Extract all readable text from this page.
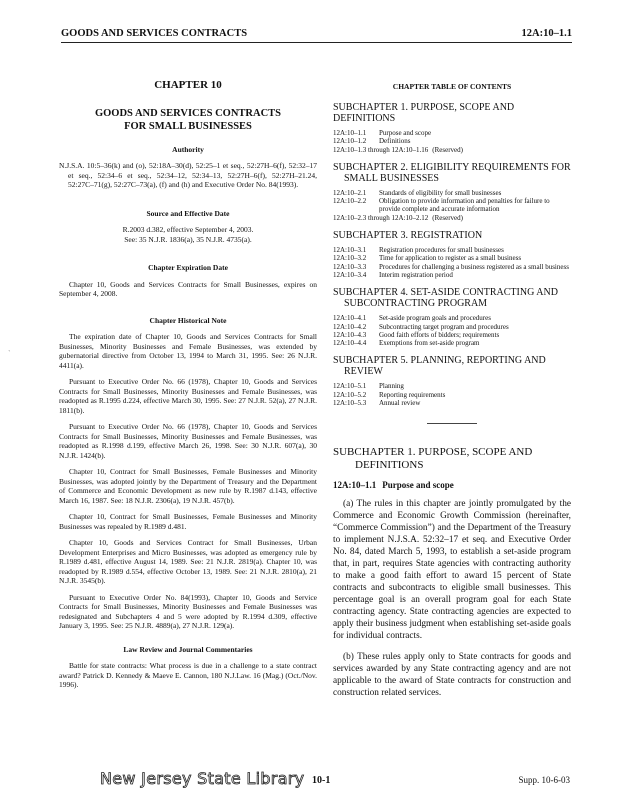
GOODS AND SERVICES CONTRACTS	12A:10–1.1
`
CHAPTER 10
GOODS AND SERVICES CONTRACTS
FOR SMALL BUSINESSES
Authority
N.J.S.A. 10:5–36(k) and (o), 52:18A–30(d), 52:25–1 et seq., 52:27H–6(f), 52:32–17 et seq., 52:34–6 et seq., 52:34–12, 52:34–13, 52:27H–6(f), 52:27H–21.24, 52:27C–71(g), 52:27C–73(a), (f) and (h) and Executive Order No. 84(1993).
Source and Effective Date
R.2003 d.382, effective September 4, 2003.
See: 35 N.J.R. 1836(a), 35 N.J.R. 4735(a).
Chapter Expiration Date

Chapter 10, Goods and Services Contracts for Small Businesses, expires on September 4, 2008.

Chapter Historical Note

The expiration date of Chapter 10, Goods and Services Contracts for Small Businesses, Minority Businesses and Female Businesses, was extended by gubernatorial directive from October 13, 1994 to March 31, 1995. See: 26 N.J.R. 4411(a).

Pursuant to Executive Order No. 66 (1978), Chapter 10, Goods and Services Contracts for Small Businesses, Minority Businesses and Female Businesses, was readopted as R.1995 d.224, effective March 30, 1995. See: 27 N.J.R. 52(a), 27 N.J.R. 1811(b).

Pursuant to Executive Order No. 66 (1978), Chapter 10, Goods and Services Contracts for Small Businesses, Minority Businesses and Female Businesses, was readopted as R.1998 d.199, effective March 26, 1998. See: 30 N.J.R. 607(a), 30 N.J.R. 1424(b).

Chapter 10, Contract for Small Businesses, Female Businesses and Minority Businesses, was adopted jointly by the Department of Treasury and the Department of Commerce and Economic Development as new rule by R.1987 d.143, effective March 16, 1987. See: 18 N.J.R. 2306(a), 19 N.J.R. 457(b).

Chapter 10, Contract for Small Businesses, Female Businesses and Minority Businesses was repealed by R.1989 d.481.

Chapter 10, Goods and Services Contract for Small Businesses, Urban Development Enterprises and Micro Businesses, was adopted as emergency rule by R.1989 d.481, effective August 14, 1989. See: 21 N.J.R. 2819(a). Chapter 10, was readopted by R.1989 d.554, effective October 13, 1989. See: 21 N.J.R. 2810(a), 21 N.J.R. 3545(b).

Pursuant to Executive Order No. 84(1993), Chapter 10, Goods and Service Contracts for Small Businesses, Minority Businesses and Female Businesses was redesignated and Subchapters 4 and 5 were adopted by R.1994 d.309, effective January 3, 1995. See: 25 N.J.R. 4889(a), 27 N.J.R. 129(a).

Law Review and Journal Commentaries

Battle for state contracts: What process is due in a challenge to a state contract award? Patrick D. Kennedy & Maeve E. Cannon, 180 N.J.Law. 16 (Mag.) (Oct./Nov. 1996).

CHAPTER TABLE OF CONTENTS
SUBCHAPTER 1. PURPOSE, SCOPE AND DEFINITIONS
12A:10–1.1	Purpose and scope
12A:10–1.2	Definitions
12A:10–1.3 through 12A:10–1.16 (Reserved)
SUBCHAPTER 2. ELIGIBILITY REQUIREMENTS FOR
SMALL BUSINESSES
12A:10–2.1	Standards of eligibility for small businesses
12A:10–2.2	Obligation to provide information and penalties for failure to provide complete and accurate information
12A:10–2.3 through 12A:10–2.12 (Reserved)
SUBCHAPTER 3. REGISTRATION
12A:10–3.1	Registration procedures for small businesses
12A:10–3.2	Time for application to register as a small business
12A:10–3.3	Procedures for challenging a business registered as a small business
12A:10–3.4	Interim registration period
SUBCHAPTER 4. SET-ASIDE CONTRACTING AND
SUBCONTRACTING PROGRAM
12A:10–4.1	Set-aside program goals and procedures
12A:10–4.2	Subcontracting target program and procedures
12A:10–4.3	Good faith efforts of bidders; requirements
12A:10–4.4	Exemptions from set-aside program
SUBCHAPTER 5. PLANNING, REPORTING AND
REVIEW
12A:10–5.1	Planning
12A:10–5.2	Reporting requirements
12A:10–5.3	Annual review
SUBCHAPTER 1. PURPOSE, SCOPE AND
DEFINITIONS
12A:10–1.1 Purpose and scope
(a) The rules in this chapter are jointly promulgated by the Commerce and Economic Growth Commission (hereinafter, “Commerce Commission”) and the Department of the Treasury to implement N.J.S.A. 52:32–17 et seq. and Executive Order No. 84, dated March 5, 1993, to establish a set-aside program that, in part, requires State agencies with contracting authority to make a good faith effort to award 15 percent of State contracts and subcontracts to eligible small businesses. This percentage goal is an overall program goal for each State contracting agency. State contracting agencies are expected to apply their business judgment when establishing set-aside goals for individual contracts.
(b) These rules apply only to State contracts for goods and services awarded by any State contracting agency and are not applicable to the award of State contracts for construction and construction related services.
New Jersey State Library 10-1	Supp. 10-6-03
